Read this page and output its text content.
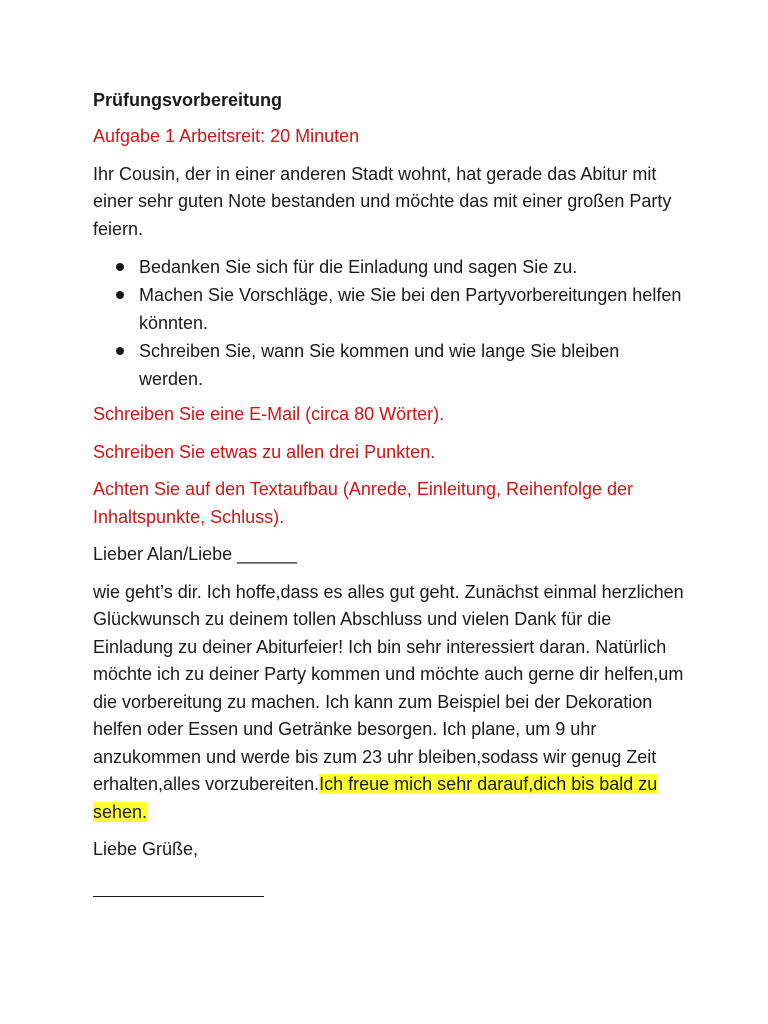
Prüfungsvorbereitung
Aufgabe 1 Arbeitsreit: 20 Minuten
Ihr Cousin, der in einer anderen Stadt wohnt, hat gerade das Abitur mit einer sehr guten Note bestanden und möchte das mit einer großen Party feiern.
Bedanken Sie sich für die Einladung und sagen Sie zu.
Machen Sie Vorschläge, wie Sie bei den Partyvorbereitungen helfen könnten.
Schreiben Sie, wann Sie kommen und wie lange Sie bleiben werden.
Schreiben Sie eine E-Mail (circa 80 Wörter).
Schreiben Sie etwas zu allen drei Punkten.
Achten Sie auf den Textaufbau (Anrede, Einleitung, Reihenfolge der Inhaltspunkte, Schluss).
Lieber Alan/Liebe ______
wie geht’s dir. Ich hoffe,dass es alles gut geht. Zunächst einmal herzlichen Glückwunsch zu deinem tollen Abschluss und vielen Dank für die Einladung zu deiner Abiturfeier! Ich bin sehr interessiert daran. Natürlich möchte ich zu deiner Party kommen und möchte auch gerne dir helfen,um die vorbereitung zu machen. Ich kann zum Beispiel bei der Dekoration helfen oder Essen und Getränke besorgen. Ich plane, um 9 uhr anzukommen und werde bis zum 23 uhr bleiben,sodass wir genug Zeit erhalten,alles vorzubereiten.Ich freue mich sehr darauf,dich bis bald zu sehen.
Liebe Grüße,
